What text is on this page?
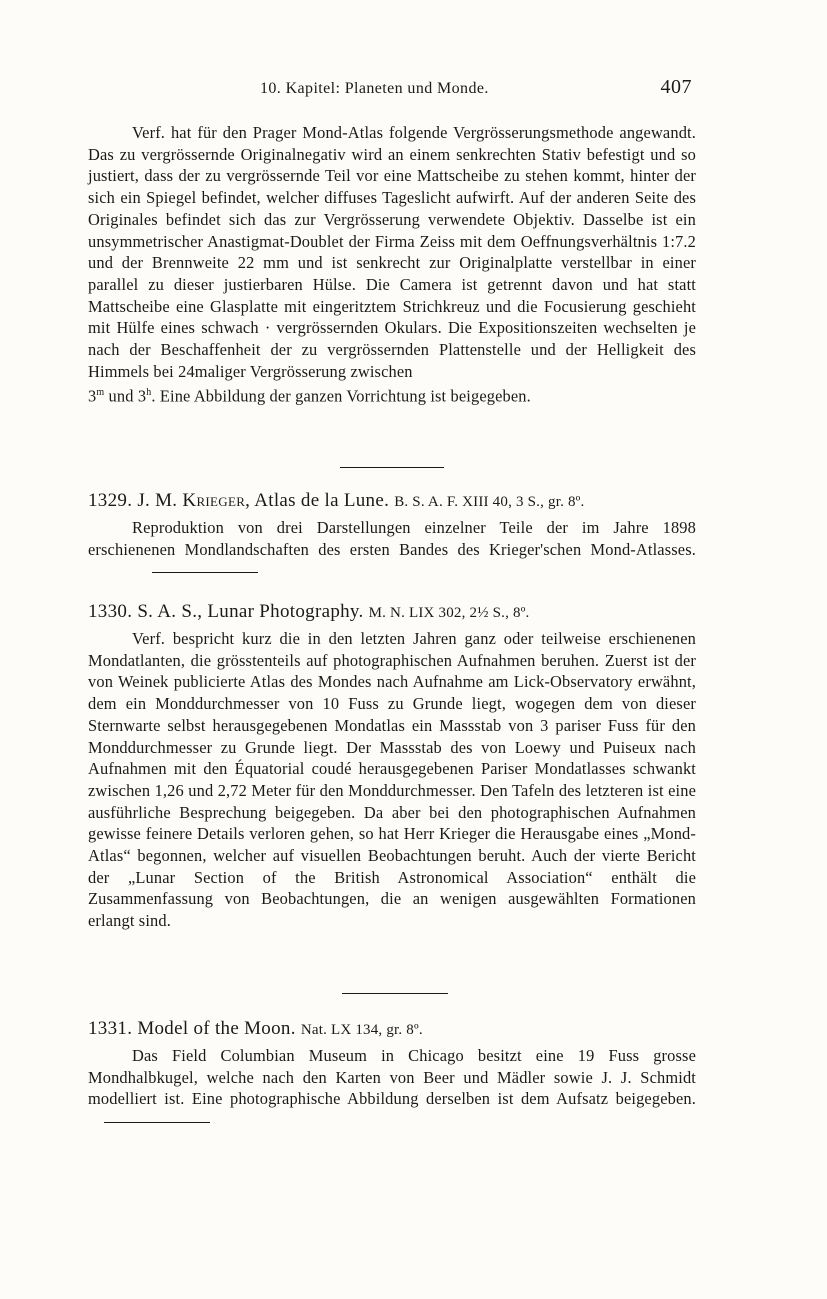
10. Kapitel: Planeten und Monde.	407

Verf. hat für den Prager Mond-Atlas folgende Vergrösserungsmethode angewandt. Das zu vergrössernde Originalnegativ wird an einem senkrechten Stativ befestigt und so justiert, dass der zu vergrössernde Teil vor eine Mattscheibe zu stehen kommt, hinter der sich ein Spiegel befindet, welcher diffuses Tageslicht aufwirft. Auf der anderen Seite des Originales befindet sich das zur Vergrösserung verwendete Objektiv. Dasselbe ist ein unsymmetrischer Anastigmat-Doublet der Firma Zeiss mit dem Oeffnungsverhältnis 1:7.2 und der Brennweite 22 mm und ist senkrecht zur Originalplatte verstellbar in einer parallel zu dieser justierbaren Hülse. Die Camera ist getrennt davon und hat statt Mattscheibe eine Glasplatte mit eingeritztem Strichkreuz und die Focusierung geschieht mit Hülfe eines schwach · vergrössernden Okulars. Die Expositionszeiten wechselten je nach der Beschaffenheit der zu vergrössernden Plattenstelle und der Helligkeit des Himmels bei 24maliger Vergrösserung zwischen
3$^m$ und 3$^h$. Eine Abbildung der ganzen Vorrichtung ist beigegeben.

1329. J. M. Krieger, Atlas de la Lune. B. S. A. F. XIII 40, 3 S., gr. 8º.

Reproduktion von drei Darstellungen einzelner Teile der im Jahre 1898 erschienenen Mondlandschaften des ersten Bandes des Krieger'schen Mond-Atlasses.

1330. S. A. S., Lunar Photography. M. N. LIX 302, 2½ S., 8º.

Verf. bespricht kurz die in den letzten Jahren ganz oder teilweise erschienenen Mondatlanten, die grösstenteils auf photographischen Aufnahmen beruhen. Zuerst ist der von Weinek publicierte Atlas des Mondes nach Aufnahme am Lick-Observatory erwähnt, dem ein Monddurchmesser von 10 Fuss zu Grunde liegt, wogegen dem von dieser Sternwarte selbst herausgegebenen Mondatlas ein Massstab von 3 pariser Fuss für den Monddurchmesser zu Grunde liegt. Der Massstab des von Loewy und Puiseux nach Aufnahmen mit den Équatorial coudé herausgegebenen Pariser Mondatlasses schwankt zwischen 1,26 und 2,72 Meter für den Monddurchmesser. Den Tafeln des letzteren ist eine ausführliche Besprechung beigegeben. Da aber bei den photographischen Aufnahmen gewisse feinere Details verloren gehen, so hat Herr Krieger die Herausgabe eines „Mond-Atlas“ begonnen, welcher auf visuellen Beobachtungen beruht. Auch der vierte Bericht der „Lunar Section of the British Astronomical Association“ enthält die Zusammenfassung von Beobachtungen, die an wenigen ausgewählten Formationen erlangt sind.

1331. Model of the Moon. Nat. LX 134, gr. 8º.

Das Field Columbian Museum in Chicago besitzt eine 19 Fuss grosse Mondhalbkugel, welche nach den Karten von Beer und Mädler sowie J. J. Schmidt modelliert ist. Eine photographische Abbildung derselben ist dem Aufsatz beigegeben.
